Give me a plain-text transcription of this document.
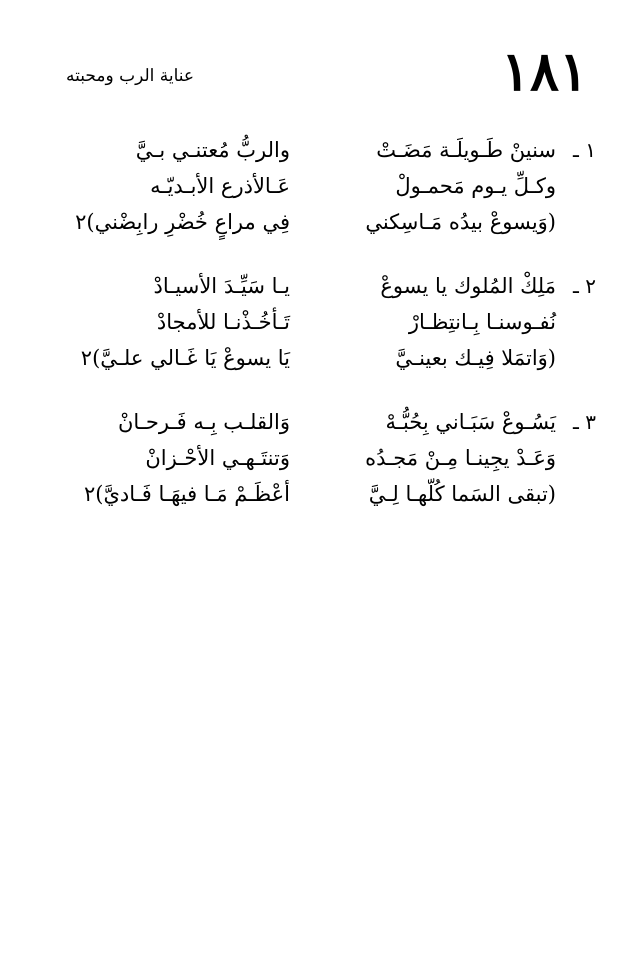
١٨١
عناية الرب ومحبته
١ ـ
سنينْ طَـويلَـة مَضَـتْ
والربُّ مُعتنـي بـيَّ
وكـلِّ يـوم مَحمـولْ
عَـالأذرع الأبـديّـه
(وَيسوعْ بيدُه مَـاسِكني
فِي مراعٍ خُضْرِ رابِضْني)٢
٢ ـ
مَلِكْ المُلوك يا يسوعْ
يـا سَيِّـدَ الأسيـادْ
نُفـوسنـا بِـانتِظـارْ
تَـأخُـذْنـا للأمجادْ
(وَاتمَلا فِيـك بعينـيَّ
يَا يسوعْ يَا غَـالي علـيَّ)٢
٣ ـ
يَسُـوعْ سَبَـاني بِحُبُّـهْ
وَالقلـب بِـه فَـرحـانْ
وَعَـدْ يجِينـا مِـنْ مَجـدُه
وَتنتَـهـي الأحْـزانْ
(تبقى السَما كُلّهـا لِـيَّ
أعْظَـمْ مَـا فيهَـا فَـاديَّ)٢
